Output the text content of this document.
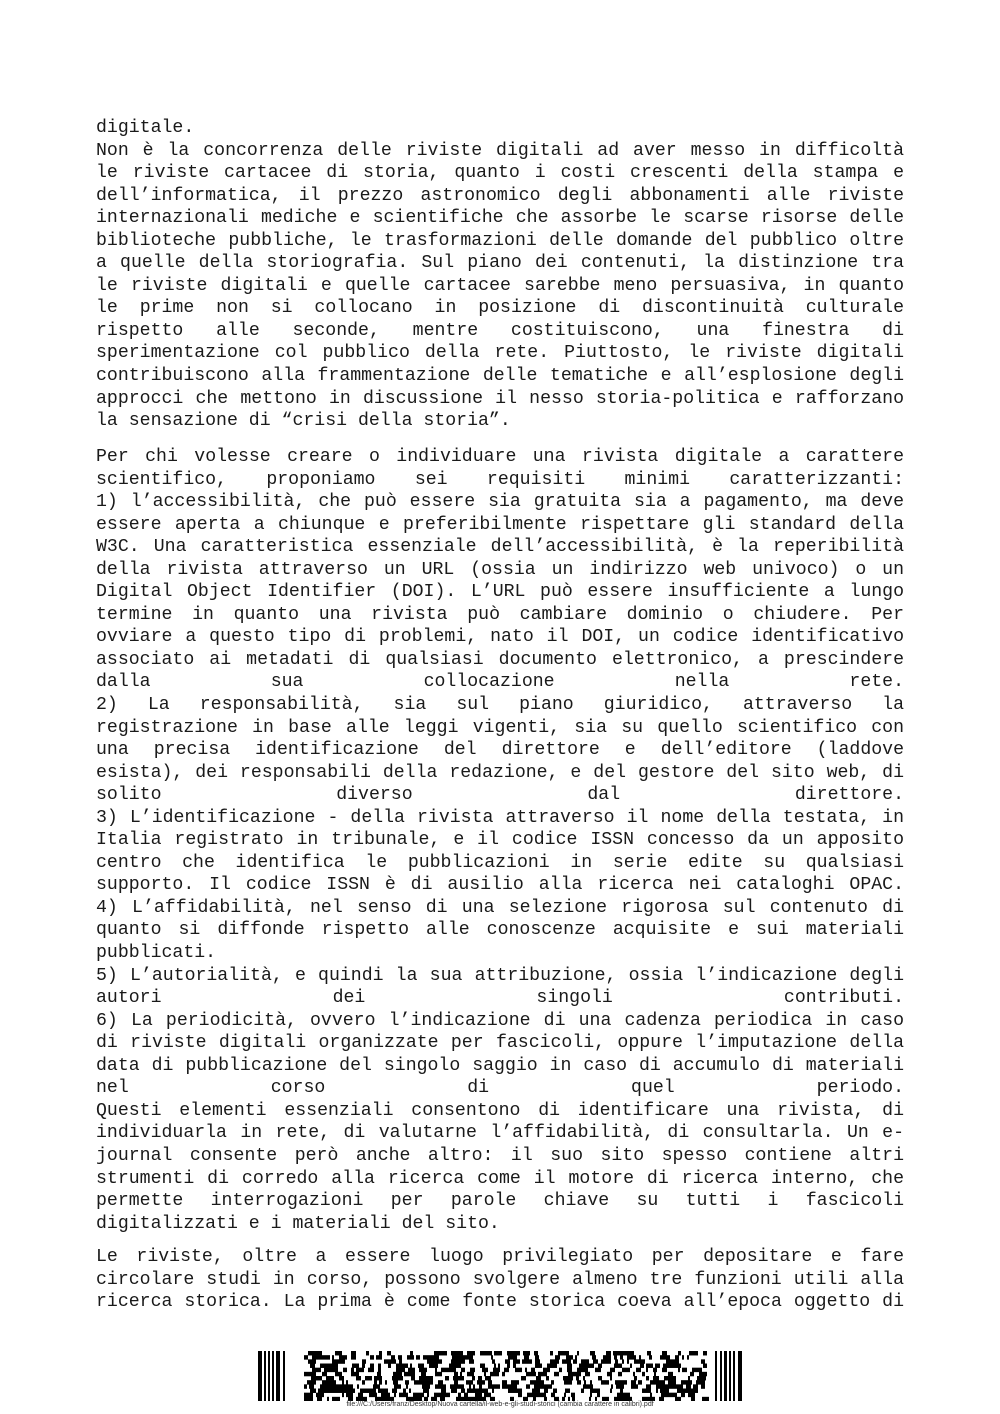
digitale.
Non è la concorrenza delle riviste digitali ad aver messo in difficoltà
le riviste cartacee di storia, quanto i costi crescenti della stampa e
dell’informatica, il prezzo astronomico degli abbonamenti alle riviste
internazionali mediche e scientifiche che assorbe le scarse risorse delle
biblioteche pubbliche, le trasformazioni delle domande del pubblico oltre
a quelle della storiografia. Sul piano dei contenuti, la distinzione tra
le riviste digitali e quelle cartacee sarebbe meno persuasiva, in quanto
le prime non si collocano in posizione di discontinuità culturale
rispetto alle seconde, mentre costituiscono, una finestra di
sperimentazione col pubblico della rete. Piuttosto, le riviste digitali
contribuiscono alla frammentazione delle tematiche e all’esplosione degli
approcci che mettono in discussione il nesso storia-politica e rafforzano
la sensazione di “crisi della storia”.
Per chi volesse creare o individuare una rivista digitale a carattere
scientifico, proponiamo sei requisiti minimi caratterizzanti:
1) l’accessibilità, che può essere sia gratuita sia a pagamento, ma deve
essere aperta a chiunque e preferibilmente rispettare gli standard della
W3C. Una caratteristica essenziale dell’accessibilità, è la reperibilità
della rivista attraverso un URL (ossia un indirizzo web univoco) o un
Digital Object Identifier (DOI). L’URL può essere insufficiente a lungo
termine in quanto una rivista può cambiare dominio o chiudere. Per
ovviare a questo tipo di problemi, nato il DOI, un codice identificativo
associato ai metadati di qualsiasi documento elettronico, a prescindere
dalla sua collocazione nella rete.
2) La responsabilità, sia sul piano giuridico, attraverso la
registrazione in base alle leggi vigenti, sia su quello scientifico con
una precisa identificazione del direttore e dell’editore (laddove
esista), dei responsabili della redazione, e del gestore del sito web, di
solito diverso dal direttore.
3) L’identificazione - della rivista attraverso il nome della testata, in
Italia registrato in tribunale, e il codice ISSN concesso da un apposito
centro che identifica le pubblicazioni in serie edite su qualsiasi
supporto. Il codice ISSN è di ausilio alla ricerca nei cataloghi OPAC.
4) L’affidabilità, nel senso di una selezione rigorosa sul contenuto di
quanto si diffonde rispetto alle conoscenze acquisite e sui materiali
pubblicati.
5) L’autorialità, e quindi la sua attribuzione, ossia l’indicazione degli
autori dei singoli contributi.
6) La periodicità, ovvero l’indicazione di una cadenza periodica in caso
di riviste digitali organizzate per fascicoli, oppure l’imputazione della
data di pubblicazione del singolo saggio in caso di accumulo di materiali
nel corso di quel periodo.
Questi elementi essenziali consentono di identificare una rivista, di
individuarla in rete, di valutarne l’affidabilità, di consultarla. Un e-
journal consente però anche altro: il suo sito spesso contiene altri
strumenti di corredo alla ricerca come il motore di ricerca interno, che
permette interrogazioni per parole chiave su tutti i fascicoli
digitalizzati e i materiali del sito.
Le riviste, oltre a essere luogo privilegiato per depositare e fare
circolare studi in corso, possono svolgere almeno tre funzioni utili alla
ricerca storica. La prima è come fonte storica coeva all’epoca oggetto di
file:///C:/Users/franz/Desktop/Nuova cartella/il-web-e-gli-studi-storici (cambia carattere in calibri).pdf
